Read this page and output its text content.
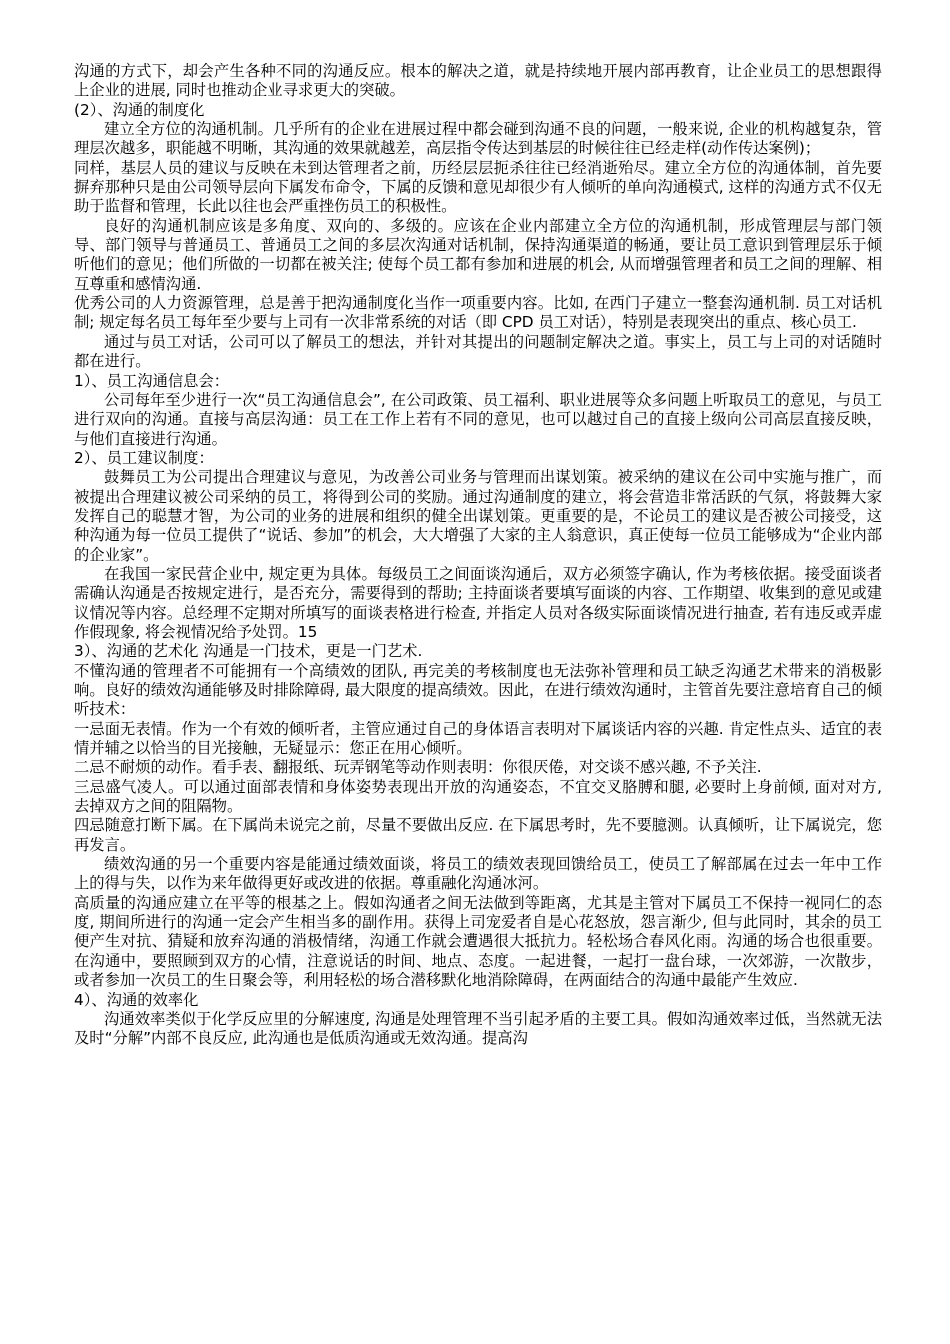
沟通的方式下，却会产生各种不同的沟通反应。根本的解决之道，就是持续地开展内部再教育，让企业员工的思想跟得上企业的进展, 同时也推动企业寻求更大的突破。

(2）、沟通的制度化

建立全方位的沟通机制。几乎所有的企业在进展过程中都会碰到沟通不良的问题，一般来说, 企业的机构越复杂，管理层次越多，职能越不明晰，其沟通的效果就越差，高层指令传达到基层的时候往往已经走样(动作传达案例)；

同样，基层人员的建议与反映在未到达管理者之前，历经层层扼杀往往已经消逝殆尽。建立全方位的沟通体制，首先要摒弃那种只是由公司领导层向下属发布命令，下属的反馈和意见却很少有人倾听的单向沟通模式, 这样的沟通方式不仅无助于监督和管理，长此以往也会严重挫伤员工的积极性。

良好的沟通机制应该是多角度、双向的、多级的。应该在企业内部建立全方位的沟通机制，形成管理层与部门领导、部门领导与普通员工、普通员工之间的多层次沟通对话机制，保持沟通渠道的畅通，要让员工意识到管理层乐于倾听他们的意见；他们所做的一切都在被关注; 使每个员工都有参加和进展的机会, 从而增强管理者和员工之间的理解、相互尊重和感情沟通.

优秀公司的人力资源管理，总是善于把沟通制度化当作一项重要内容。比如, 在西门子建立一整套沟通机制. 员工对话机制; 规定每名员工每年至少要与上司有一次非常系统的对话（即 CPD 员工对话），特别是表现突出的重点、核心员工.

通过与员工对话，公司可以了解员工的想法，并针对其提出的问题制定解决之道。事实上，员工与上司的对话随时都在进行。

1）、员工沟通信息会：

公司每年至少进行一次“员工沟通信息会”, 在公司政策、员工福利、职业进展等众多问题上听取员工的意见，与员工进行双向的沟通。直接与高层沟通：员工在工作上若有不同的意见，也可以越过自己的直接上级向公司高层直接反映，与他们直接进行沟通。

2）、员工建议制度：

鼓舞员工为公司提出合理建议与意见，为改善公司业务与管理而出谋划策。被采纳的建议在公司中实施与推广，而被提出合理建议被公司采纳的员工，将得到公司的奖励。通过沟通制度的建立，将会营造非常活跃的气氛，将鼓舞大家发挥自己的聪慧才智，为公司的业务的进展和组织的健全出谋划策。更重要的是，不论员工的建议是否被公司接受，这种沟通为每一位员工提供了“说话、参加”的机会，大大增强了大家的主人翁意识，真正使每一位员工能够成为“企业内部的企业家”。

在我国一家民营企业中, 规定更为具体。每级员工之间面谈沟通后，双方必须签字确认, 作为考核依据。接受面谈者需确认沟通是否按规定进行，是否充分，需要得到的帮助; 主持面谈者要填写面谈的内容、工作期望、收集到的意见或建议情况等内容。总经理不定期对所填写的面谈表格进行检查, 并指定人员对各级实际面谈情况进行抽查, 若有违反或弄虚作假现象, 将会视情况给予处罚。15

3）、沟通的艺术化 沟通是一门技术，更是一门艺术.

不懂沟通的管理者不可能拥有一个高绩效的团队, 再完美的考核制度也无法弥补管理和员工缺乏沟通艺术带来的消极影响。良好的绩效沟通能够及时排除障碍, 最大限度的提高绩效。因此，在进行绩效沟通时，主管首先要注意培育自己的倾听技术：

一忌面无表情。作为一个有效的倾听者，主管应通过自己的身体语言表明对下属谈话内容的兴趣. 肯定性点头、适宜的表情并辅之以恰当的目光接触，无疑显示：您正在用心倾听。

二忌不耐烦的动作。看手表、翻报纸、玩弄钢笔等动作则表明：你很厌倦，对交谈不感兴趣, 不予关注.

三忌盛气凌人。可以通过面部表情和身体姿势表现出开放的沟通姿态，不宜交叉胳膊和腿, 必要时上身前倾, 面对对方, 去掉双方之间的阻隔物。

四忌随意打断下属。在下属尚未说完之前，尽量不要做出反应. 在下属思考时，先不要臆测。认真倾听，让下属说完，您再发言。

绩效沟通的另一个重要内容是能通过绩效面谈，将员工的绩效表现回馈给员工，使员工了解部属在过去一年中工作上的得与失，以作为来年做得更好或改进的依据。尊重融化沟通冰河。

高质量的沟通应建立在平等的根基之上。假如沟通者之间无法做到等距离，尤其是主管对下属员工不保持一视同仁的态度, 期间所进行的沟通一定会产生相当多的副作用。获得上司宠爱者自是心花怒放，怨言渐少, 但与此同时，其余的员工便产生对抗、猜疑和放弃沟通的消极情绪，沟通工作就会遭遇很大抵抗力。轻松场合春风化雨。沟通的场合也很重要。在沟通中，要照顾到双方的心情，注意说话的时间、地点、态度。一起进餐，一起打一盘台球，一次郊游，一次散步，或者参加一次员工的生日聚会等，利用轻松的场合潜移默化地消除障碍，在两面结合的沟通中最能产生效应.

4）、沟通的效率化

沟通效率类似于化学反应里的分解速度, 沟通是处理管理不当引起矛盾的主要工具。假如沟通效率过低，当然就无法及时“分解”内部不良反应, 此沟通也是低质沟通或无效沟通。提高沟
